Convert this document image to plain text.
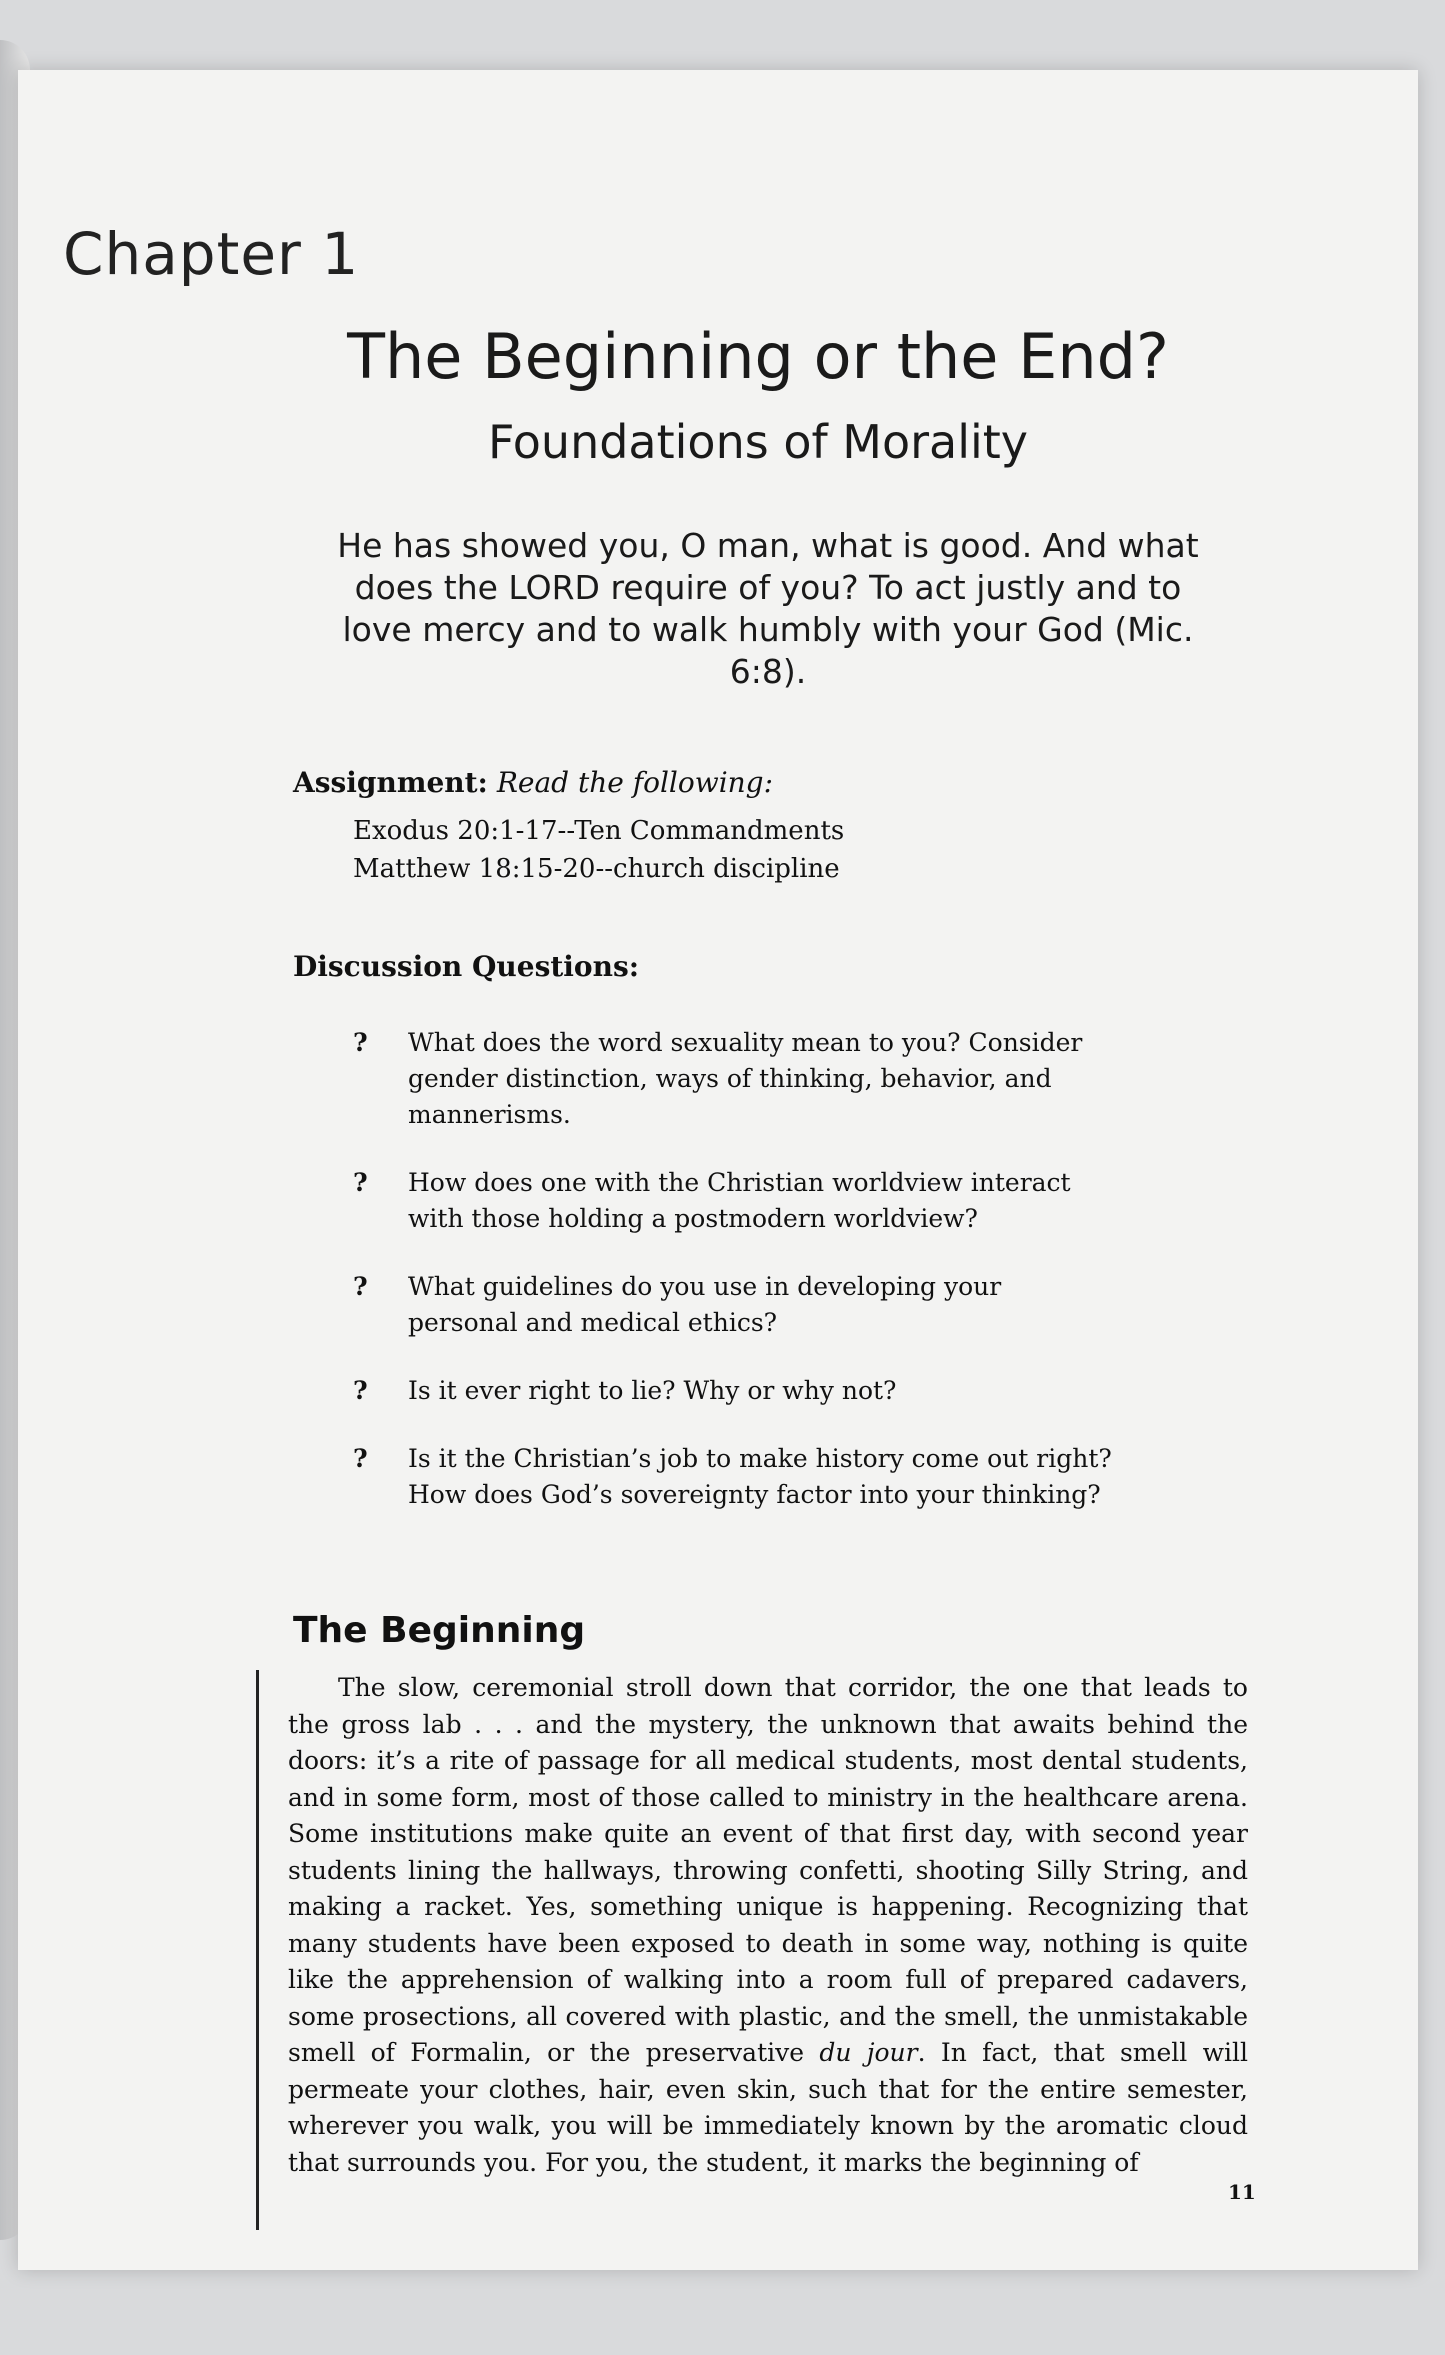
Chapter 1
The Beginning or the End?
Foundations of Morality
He has showed you, O man, what is good. And what does the LORD require of you? To act justly and to love mercy and to walk humbly with your God (Mic. 6:8).
Assignment: Read the following:
Exodus 20:1-17--Ten Commandments
Matthew 18:15-20--church discipline
Discussion Questions:
?	What does the word sexuality mean to you? Consider gender distinction, ways of thinking, behavior, and mannerisms.
?	How does one with the Christian worldview interact with those holding a postmodern worldview?
?	What guidelines do you use in developing your personal and medical ethics?
?	Is it ever right to lie? Why or why not?
?	Is it the Christian’s job to make history come out right? How does God’s sovereignty factor into your thinking?
The Beginning
The slow, ceremonial stroll down that corridor, the one that leads to the gross lab . . . and the mystery, the unknown that awaits behind the doors: it’s a rite of passage for all medical students, most dental students, and in some form, most of those called to ministry in the healthcare arena. Some institutions make quite an event of that first day, with second year students lining the hallways, throwing confetti, shooting Silly String, and making a racket. Yes, something unique is happening. Recognizing that many students have been exposed to death in some way, nothing is quite like the apprehension of walking into a room full of prepared cadavers, some prosections, all covered with plastic, and the smell, the unmistakable smell of Formalin, or the preservative du jour. In fact, that smell will permeate your clothes, hair, even skin, such that for the entire semester, wherever you walk, you will be immediately known by the aromatic cloud that surrounds you. For you, the student, it marks the beginning of
11
